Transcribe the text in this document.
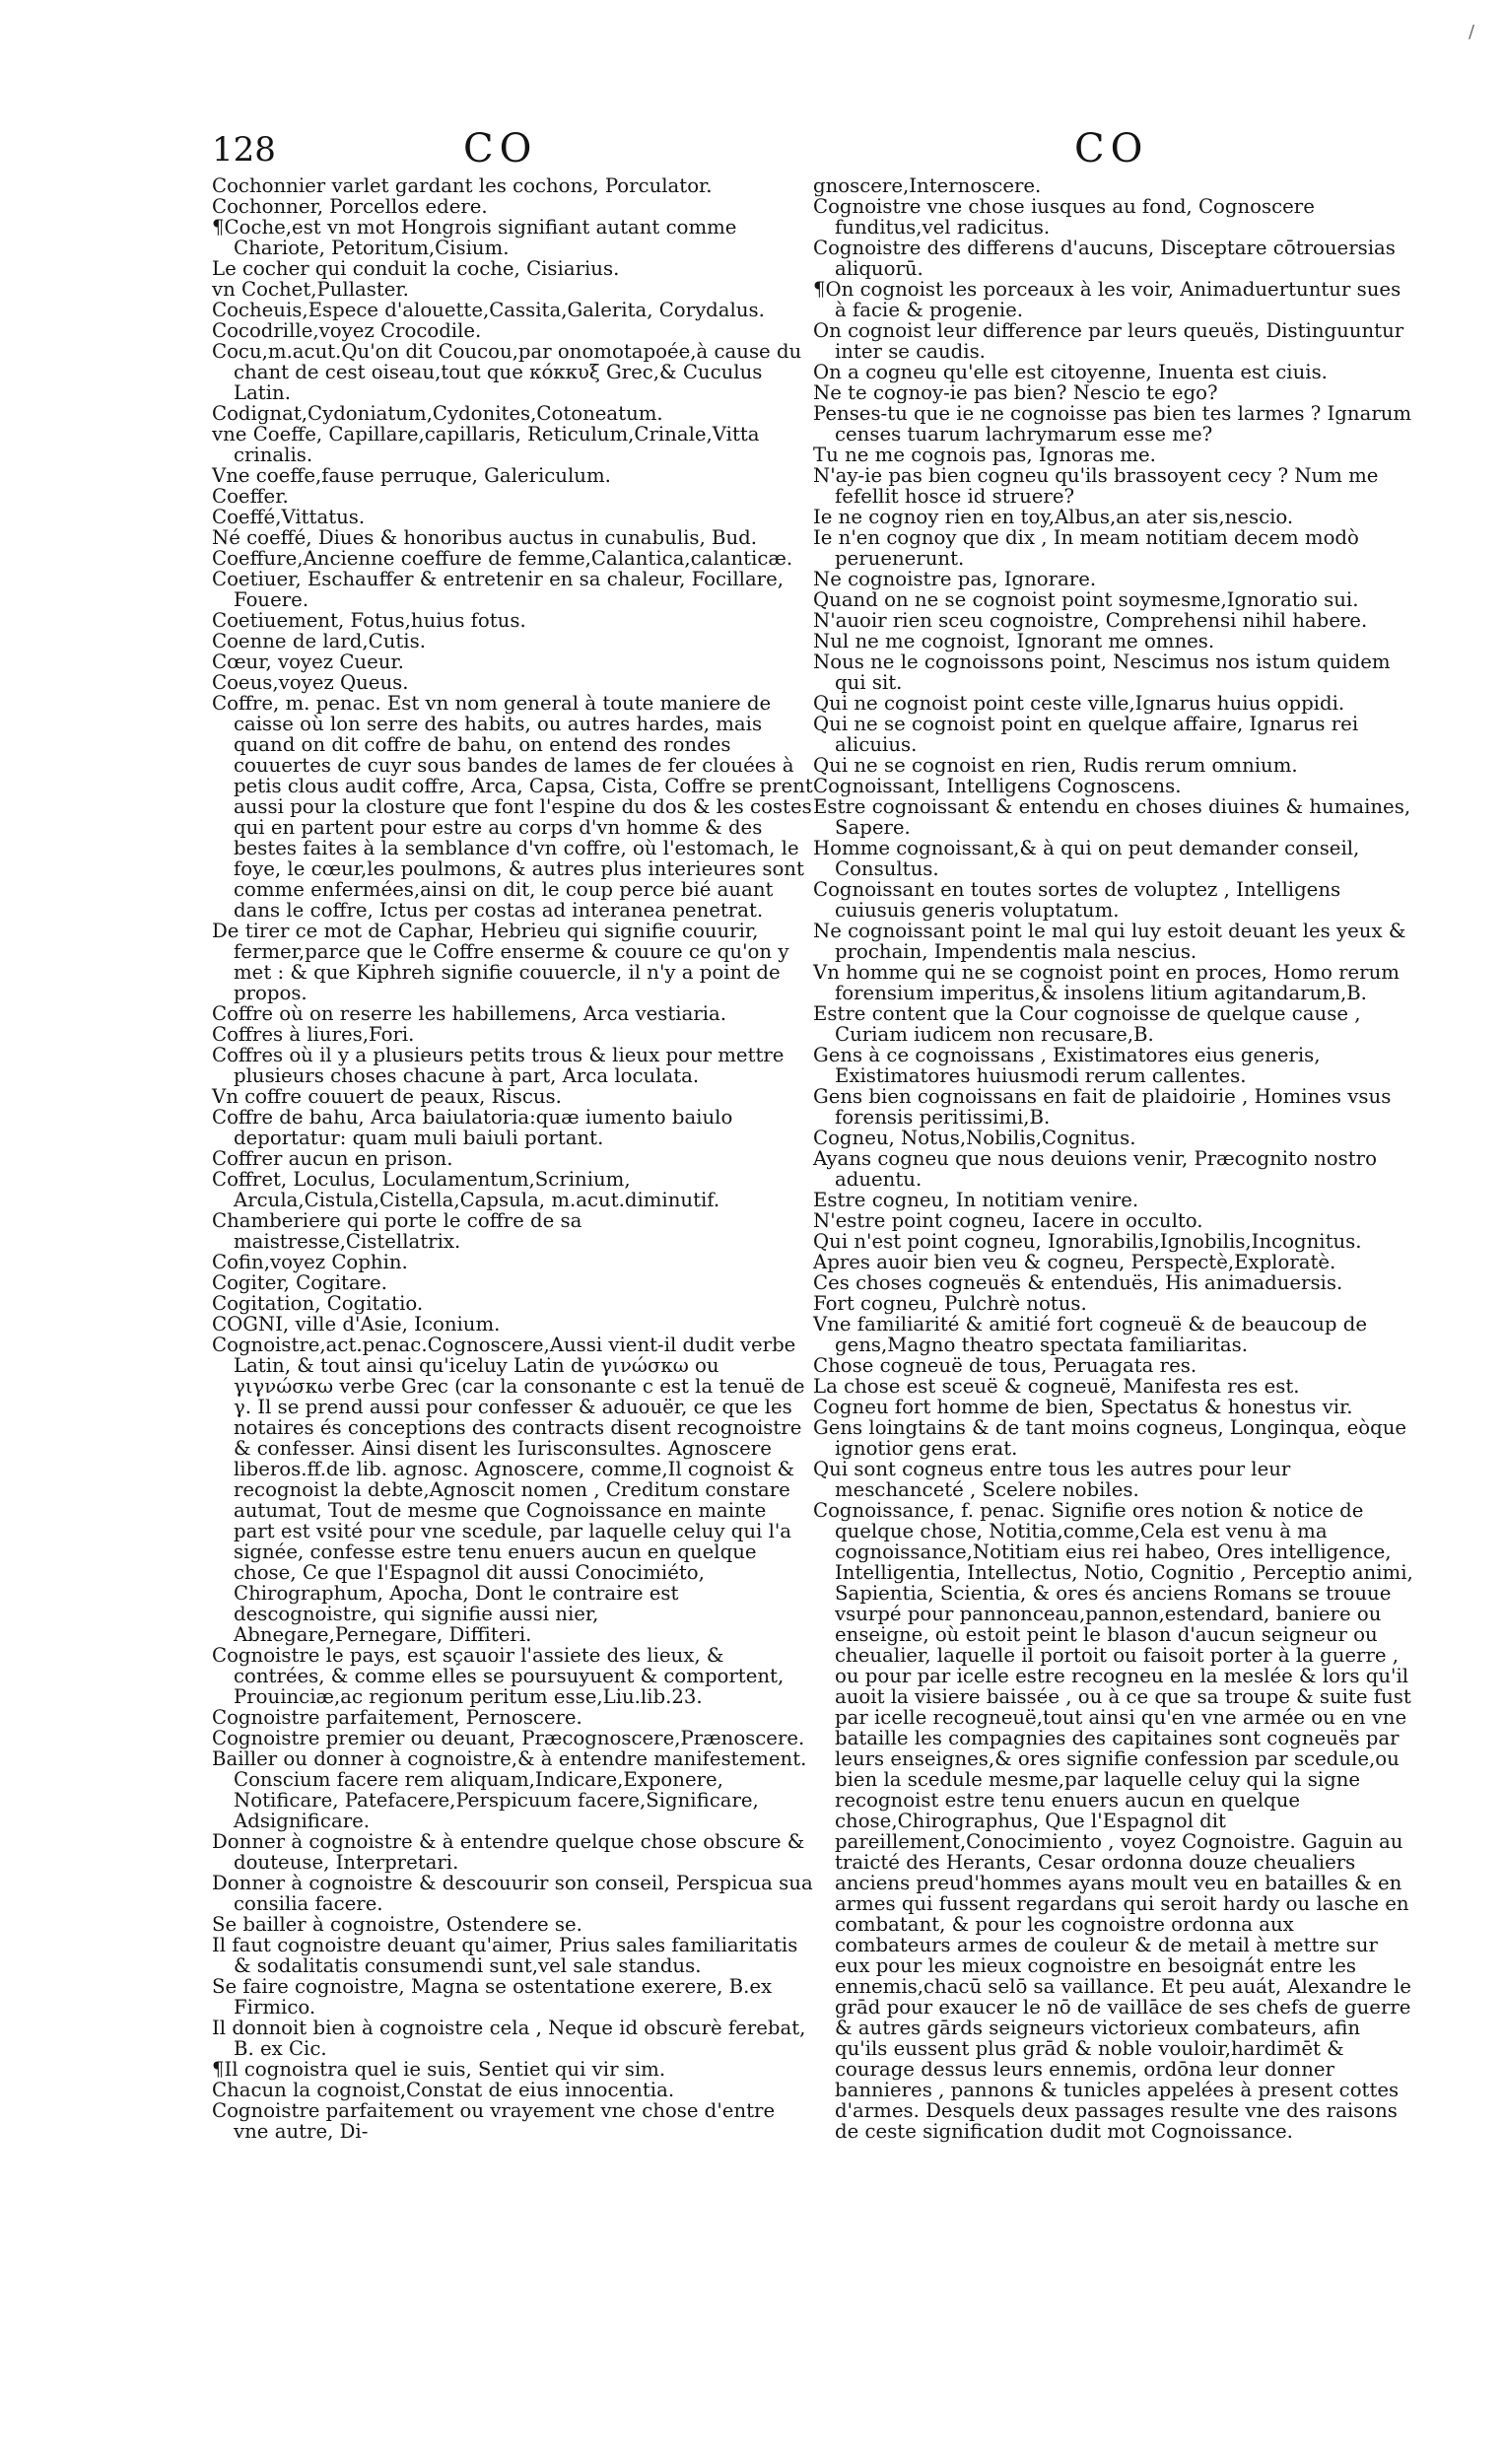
/
128	CO	CO

Cochonnier varlet gardant les cochons, Porculator.

Cochonner, Porcellos edere.

¶Coche,est vn mot Hongrois signifiant autant comme Chariote, Petoritum,Cisium.

Le cocher qui conduit la coche, Cisiarius.

vn Cochet,Pullaster.

Cocheuis,Espece d'alouette,Cassita,Galerita, Corydalus.

Cocodrille,voyez Crocodile.

Cocu,m.acut.Qu'on dit Coucou,par onomotapoée,à cause du chant de cest oiseau,tout que κόκκυξ Grec,& Cuculus Latin.

Codignat,Cydoniatum,Cydonites,Cotoneatum.

vne Coeffe, Capillare,capillaris, Reticulum,Crinale,Vitta crinalis.

Vne coeffe,fause perruque, Galericulum.

Coeffer.

Coeffé,Vittatus.

Né coeffé, Diues & honoribus auctus in cunabulis, Bud.

Coeffure,Ancienne coeffure de femme,Calantica,calanticæ.

Coetiuer, Eschauffer & entretenir en sa chaleur, Focillare, Fouere.

Coetiuement, Fotus,huius fotus.

Coenne de lard,Cutis.

Cœur, voyez Cueur.

Coeus,voyez Queus.

Coffre, m. penac. Est vn nom general à toute maniere de caisse où lon serre des habits, ou autres hardes, mais quand on dit coffre de bahu, on entend des rondes couuertes de cuyr sous bandes de lames de fer clouées à petis clous audit coffre, Arca, Capsa, Cista, Coffre se prent aussi pour la closture que font l'espine du dos & les costes qui en partent pour estre au corps d'vn homme & des bestes faites à la semblance d'vn coffre, où l'estomach, le foye, le cœur,les poulmons, & autres plus interieures sont comme enfermées,ainsi on dit, le coup perce bié auant dans le coffre, Ictus per costas ad interanea penetrat.

De tirer ce mot de Caphar, Hebrieu qui signifie couurir, fermer,parce que le Coffre enserme & couure ce qu'on y met : & que Kiphreh signifie couuercle, il n'y a point de propos.

Coffre où on reserre les habillemens, Arca vestiaria.

Coffres à liures,Fori.

Coffres où il y a plusieurs petits trous & lieux pour mettre plusieurs choses chacune à part, Arca loculata.

Vn coffre couuert de peaux, Riscus.

Coffre de bahu, Arca baiulatoria:quæ iumento baiulo deportatur: quam muli baiuli portant.

Coffrer aucun en prison.

Coffret, Loculus, Loculamentum,Scrinium, Arcula,Cistula,Cistella,Capsula, m.acut.diminutif.

Chamberiere qui porte le coffre de sa maistresse,Cistellatrix.

Cofin,voyez Cophin.

Cogiter, Cogitare.

Cogitation, Cogitatio.

COGNI, ville d'Asie, Iconium.

Cognoistre,act.penac.Cognoscere,Aussi vient-il dudit verbe Latin, & tout ainsi qu'iceluy Latin de γινώσκω ou γιγνώσκω verbe Grec (car la consonante c est la tenuë de γ. Il se prend aussi pour confesser & aduouër, ce que les notaires és conceptions des contracts disent recognoistre & confesser. Ainsi disent les Iurisconsultes. Agnoscere liberos.ff.de lib. agnosc. Agnoscere, comme,Il cognoist & recognoist la debte,Agnoscit nomen , Creditum constare autumat, Tout de mesme que Cognoissance en mainte part est vsité pour vne scedule, par laquelle celuy qui l'a signée, confesse estre tenu enuers aucun en quelque chose, Ce que l'Espagnol dit aussi Conocimiéto, Chirographum, Apocha, Dont le contraire est descognoistre, qui signifie aussi nier, Abnegare,Pernegare, Diffiteri.

Cognoistre le pays, est sçauoir l'assiete des lieux, & contrées, & comme elles se poursuyuent & comportent, Prouinciæ,ac regionum peritum esse,Liu.lib.23.

Cognoistre parfaitement, Pernoscere.

Cognoistre premier ou deuant, Præcognoscere,Prænoscere.

Bailler ou donner à cognoistre,& à entendre manifestement. Conscium facere rem aliquam,Indicare,Exponere, Notificare, Patefacere,Perspicuum facere,Significare, Adsignificare.

Donner à cognoistre & à entendre quelque chose obscure & douteuse, Interpretari.

Donner à cognoistre & descouurir son conseil, Perspicua sua consilia facere.

Se bailler à cognoistre, Ostendere se.

Il faut cognoistre deuant qu'aimer, Prius sales familiaritatis & sodalitatis consumendi sunt,vel sale standus.

Se faire cognoistre, Magna se ostentatione exerere, B.ex Firmico.

Il donnoit bien à cognoistre cela , Neque id obscurè ferebat, B. ex Cic.

¶Il cognoistra quel ie suis, Sentiet qui vir sim.

Chacun la cognoist,Constat de eius innocentia.

Cognoistre parfaitement ou vrayement vne chose d'entre vne autre, Di-

gnoscere,Internoscere.

Cognoistre vne chose iusques au fond, Cognoscere funditus,vel radicitus.

Cognoistre des differens d'aucuns, Disceptare cōtrouersias aliquorū.

¶On cognoist les porceaux à les voir, Animaduertuntur sues à facie & progenie.

On cognoist leur difference par leurs queuës, Distinguuntur inter se caudis.

On a cogneu qu'elle est citoyenne, Inuenta est ciuis.

Ne te cognoy-ie pas bien? Nescio te ego?

Penses-tu que ie ne cognoisse pas bien tes larmes ? Ignarum censes tuarum lachrymarum esse me?

Tu ne me cognois pas, Ignoras me.

N'ay-ie pas bien cogneu qu'ils brassoyent cecy ? Num me fefellit hosce id struere?

Ie ne cognoy rien en toy,Albus,an ater sis,nescio.

Ie n'en cognoy que dix , In meam notitiam decem modò peruenerunt.

Ne cognoistre pas, Ignorare.

Quand on ne se cognoist point soymesme,Ignoratio sui.

N'auoir rien sceu cognoistre, Comprehensi nihil habere.

Nul ne me cognoist, Ignorant me omnes.

Nous ne le cognoissons point, Nescimus nos istum quidem qui sit.

Qui ne cognoist point ceste ville,Ignarus huius oppidi.

Qui ne se cognoist point en quelque affaire, Ignarus rei alicuius.

Qui ne se cognoist en rien, Rudis rerum omnium.

Cognoissant, Intelligens Cognoscens.

Estre cognoissant & entendu en choses diuines & humaines, Sapere.

Homme cognoissant,& à qui on peut demander conseil, Consultus.

Cognoissant en toutes sortes de voluptez , Intelligens cuiusuis generis voluptatum.

Ne cognoissant point le mal qui luy estoit deuant les yeux & prochain, Impendentis mala nescius.

Vn homme qui ne se cognoist point en proces, Homo rerum forensium imperitus,& insolens litium agitandarum,B.

Estre content que la Cour cognoisse de quelque cause , Curiam iudicem non recusare,B.

Gens à ce cognoissans , Existimatores eius generis, Existimatores huiusmodi rerum callentes.

Gens bien cognoissans en fait de plaidoirie , Homines vsus forensis peritissimi,B.

Cogneu, Notus,Nobilis,Cognitus.

Ayans cogneu que nous deuions venir, Præcognito nostro aduentu.

Estre cogneu, In notitiam venire.

N'estre point cogneu, Iacere in occulto.

Qui n'est point cogneu, Ignorabilis,Ignobilis,Incognitus.

Apres auoir bien veu & cogneu, Perspectè,Exploratè.

Ces choses cogneuës & entenduës, His animaduersis.

Fort cogneu, Pulchrè notus.

Vne familiarité & amitié fort cogneuë & de beaucoup de gens,Magno theatro spectata familiaritas.

Chose cogneuë de tous, Peruagata res.

La chose est sceuë & cogneuë, Manifesta res est.

Cogneu fort homme de bien, Spectatus & honestus vir.

Gens loingtains & de tant moins cogneus, Longinqua, eòque ignotior gens erat.

Qui sont cogneus entre tous les autres pour leur meschanceté , Scelere nobiles.

Cognoissance, f. penac. Signifie ores notion & notice de quelque chose, Notitia,comme,Cela est venu à ma cognoissance,Notitiam eius rei habeo, Ores intelligence, Intelligentia, Intellectus, Notio, Cognitio , Perceptio animi, Sapientia, Scientia, & ores és anciens Romans se trouue vsurpé pour pannonceau,pannon,estendard, baniere ou enseigne, où estoit peint le blason d'aucun seigneur ou cheualier, laquelle il portoit ou faisoit porter à la guerre , ou pour par icelle estre recogneu en la meslée & lors qu'il auoit la visiere baissée , ou à ce que sa troupe & suite fust par icelle recogneuë,tout ainsi qu'en vne armée ou en vne bataille les compagnies des capitaines sont cogneuës par leurs enseignes,& ores signifie confession par scedule,ou bien la scedule mesme,par laquelle celuy qui la signe recognoist estre tenu enuers aucun en quelque chose,Chirographus, Que l'Espagnol dit pareillement,Conocimiento , voyez Cognoistre. Gaguin au traicté des Herants, Cesar ordonna douze cheualiers anciens preud'hommes ayans moult veu en batailles & en armes qui fussent regardans qui seroit hardy ou lasche en combatant, & pour les cognoistre ordonna aux combateurs armes de couleur & de metail à mettre sur eux pour les mieux cognoistre en besoignát entre les ennemis,chacū selō sa vaillance. Et peu auát, Alexandre le grād pour exaucer le nō de vaillāce de ses chefs de guerre & autres gārds seigneurs victorieux combateurs, afin qu'ils eussent plus grād & noble vouloir,hardimēt & courage dessus leurs ennemis, ordōna leur donner bannieres , pannons & tunicles appelées à present cottes d'armes. Desquels deux passages resulte vne des raisons de ceste signification dudit mot Cognoissance.
